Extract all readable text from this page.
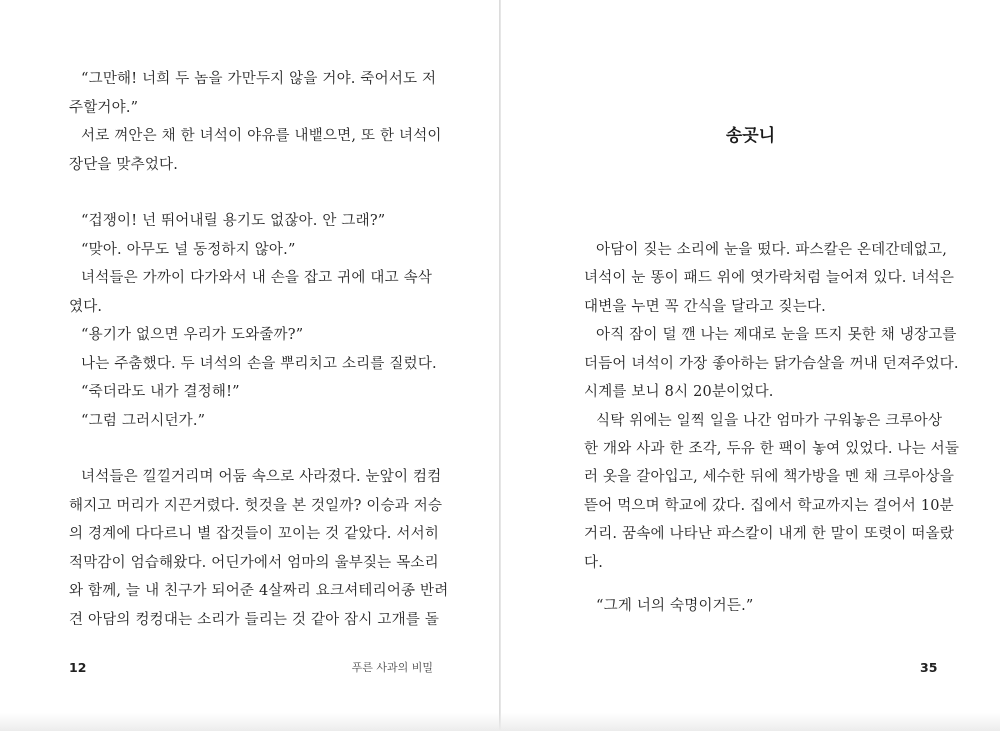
“그만해! 너희 두 놈을 가만두지 않을 거야. 죽어서도 저

주할거야.”

서로 껴안은 채 한 녀석이 야유를 내뱉으면, 또 한 녀석이

장단을 맞추었다.

“겁쟁이! 넌 뛰어내릴 용기도 없잖아. 안 그래?”

“맞아. 아무도 널 동정하지 않아.”

녀석들은 가까이 다가와서 내 손을 잡고 귀에 대고 속삭

였다.

“용기가 없으면 우리가 도와줄까?”

나는 주춤했다. 두 녀석의 손을 뿌리치고 소리를 질렀다.

“죽더라도 내가 결정해!”

“그럼 그러시던가.”

녀석들은 낄낄거리며 어둠 속으로 사라졌다. 눈앞이 컴컴

해지고 머리가 지끈거렸다. 헛것을 본 것일까? 이승과 저승

의 경계에 다다르니 별 잡것들이 꼬이는 것 같았다. 서서히

적막감이 엄습해왔다. 어딘가에서 엄마의 울부짖는 목소리

와 함께, 늘 내 친구가 되어준 4살짜리 요크셔테리어종 반려

견 아담의 컹컹대는 소리가 들리는 것 같아 잠시 고개를 돌

12	푸른 사과의 비밀

송곳니

아담이 짖는 소리에 눈을 떴다. 파스칼은 온데간데없고,

녀석이 눈 똥이 패드 위에 엿가락처럼 늘어져 있다. 녀석은

대변을 누면 꼭 간식을 달라고 짖는다.

아직 잠이 덜 깬 나는 제대로 눈을 뜨지 못한 채 냉장고를

더듬어 녀석이 가장 좋아하는 닭가슴살을 꺼내 던져주었다.

시계를 보니 8시 20분이었다.

식탁 위에는 일찍 일을 나간 엄마가 구워놓은 크루아상

한 개와 사과 한 조각, 두유 한 팩이 놓여 있었다. 나는 서둘

러 옷을 갈아입고, 세수한 뒤에 책가방을 멘 채 크루아상을

뜯어 먹으며 학교에 갔다. 집에서 학교까지는 걸어서 10분

거리. 꿈속에 나타난 파스칼이 내게 한 말이 또렷이 떠올랐

다.

“그게 너의 숙명이거든.”

35
